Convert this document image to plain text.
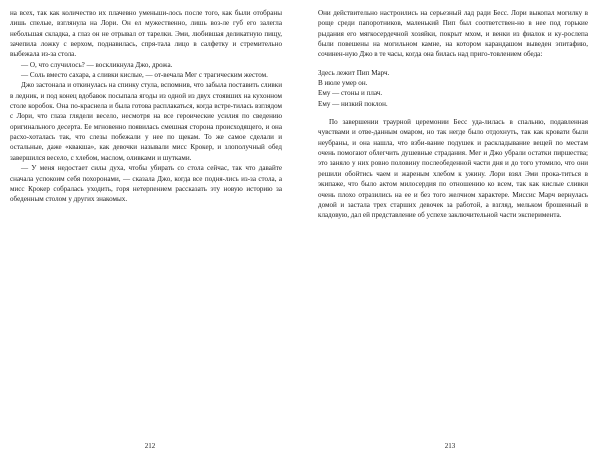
на всех, так как количество их плачевно уменьши-лось после того, как были отобраны лишь спелые, взглянула на Лори. Он ел мужественно, лишь воз-ле губ его залегла небольшая складка, а глаз он не отрывал от тарелки. Эми, любившая деликатную пищу, зачепила ложку с верхом, поднавилась, спря-тала лицо в салфетку и стремительно выбежала из-за стола.

— О, что случилось? — воскликнула Джо, дрожа.

— Соль вместо сахара, а сливки кислые, — от-вечала Мег с трагическим жестом.

Джо застонала и откинулась на спинку стула, вспомнив, что забыла поставить сливки в ледник, и под конец вдобавок посыпала ягоды из одной из двух стоявших на кухонном столе коробок. Она по-краснела и была готова расплакаться, когда встре-тилась взглядом с Лори, что глаза глядели весело, несмотря на все героические усилия по сведению оригинального десерта. Ее мгновенно появилась смешная сторона происходящего, и она расхо-хоталась так, что слезы побежали у нее по щекам. То же самое сделали и остальные, даже «квакша», как девочки называли мисс Крокер, и злополучный обед завершился весело, с хлебом, маслом, оливками и шутками.

— У меня недостает силы духа, чтобы убирать со стола сейчас, так что давайте сначала успокоим себя похоронами, — сказала Джо, когда все подня-лись из-за стола, а мисс Крокер собралась уходить, горя нетерпением рассказать эту новую историю за обеденным столом у других знакомых.

212

Они действительно настроились на серьезный лад ради Бесс. Лори выкопал могилку в роще среди папоротников, маленький Пип был соответствен-но в нее под горькие рыдания его мягкосердечной хозяйки, покрыт мхом, и венки из фиалок и ку-рослепа были повешены на могильном камне, на котором карандашом выведен эпитафию, сочинен-ную Джо в те часы, когда она билась над приго-товлением обеда:

Здесь лежит Пип Марч.
В июле умер он.
Ему — стоны и плач.
Ему — низкий поклон.

По завершении траурной церемонии Бесс уда-лилась в спальню, подавленная чувствами и отве-данным омаром, но так негде было отдохнуть, так как кровати были неубраны, и она нашла, что взби-вание подушек и раскладывание вещей по местам очень помогают облегчить душевные страдания. Мег и Джо убрали остатки пиршества; это заняло у них ровно половину послеобеденной части дня и до того утомило, что они решили обойтись чаем и жареным хлебом к ужину. Лори взял Эми прока-титься в экипаже, что было актом милосердия по отношению ко всем, так как кислые сливки очень плохо отразились на ее и без того желчном характере. Миссис Марч вернулась домой и застала трех старших девочек за работой, а взгляд, мельком брошенный в кладовую, дал ей представление об успехе заключительной части эксперимента.

213
